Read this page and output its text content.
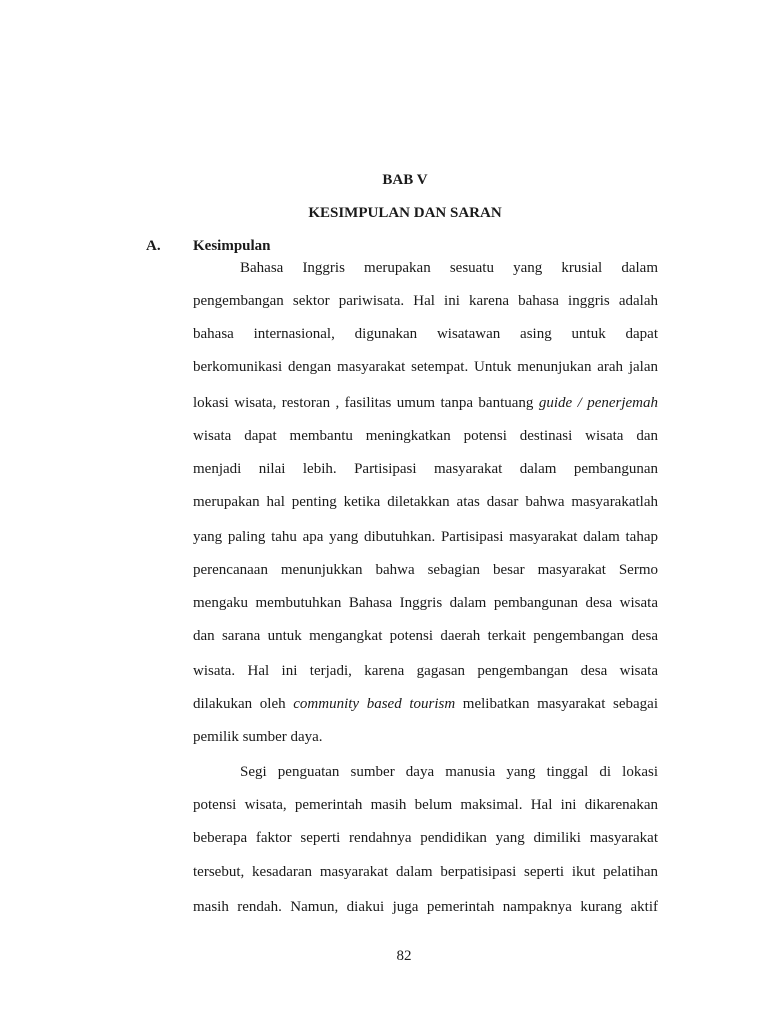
BAB V
KESIMPULAN DAN SARAN
A. Kesimpulan
Bahasa Inggris merupakan sesuatu yang krusial dalam
pengembangan sektor pariwisata. Hal ini karena bahasa inggris adalah
bahasa internasional, digunakan wisatawan asing untuk dapat
berkomunikasi dengan masyarakat setempat. Untuk menunjukan arah jalan
lokasi wisata, restoran , fasilitas umum tanpa bantuang guide / penerjemah
wisata dapat membantu meningkatkan potensi destinasi wisata dan
menjadi nilai lebih. Partisipasi masyarakat dalam pembangunan
merupakan hal penting ketika diletakkan atas dasar bahwa masyarakatlah
yang paling tahu apa yang dibutuhkan. Partisipasi masyarakat dalam tahap
perencanaan menunjukkan bahwa sebagian besar masyarakat Sermo
mengaku membutuhkan Bahasa Inggris dalam pembangunan desa wisata
dan sarana untuk mengangkat potensi daerah terkait pengembangan desa
wisata. Hal ini terjadi, karena gagasan pengembangan desa wisata
dilakukan oleh community based tourism melibatkan masyarakat sebagai
pemilik sumber daya.
Segi penguatan sumber daya manusia yang tinggal di lokasi
potensi wisata, pemerintah masih belum maksimal. Hal ini dikarenakan
beberapa faktor seperti rendahnya pendidikan yang dimiliki masyarakat
tersebut, kesadaran masyarakat dalam berpatisipasi seperti ikut pelatihan
masih rendah. Namun, diakui juga pemerintah nampaknya kurang aktif
82
